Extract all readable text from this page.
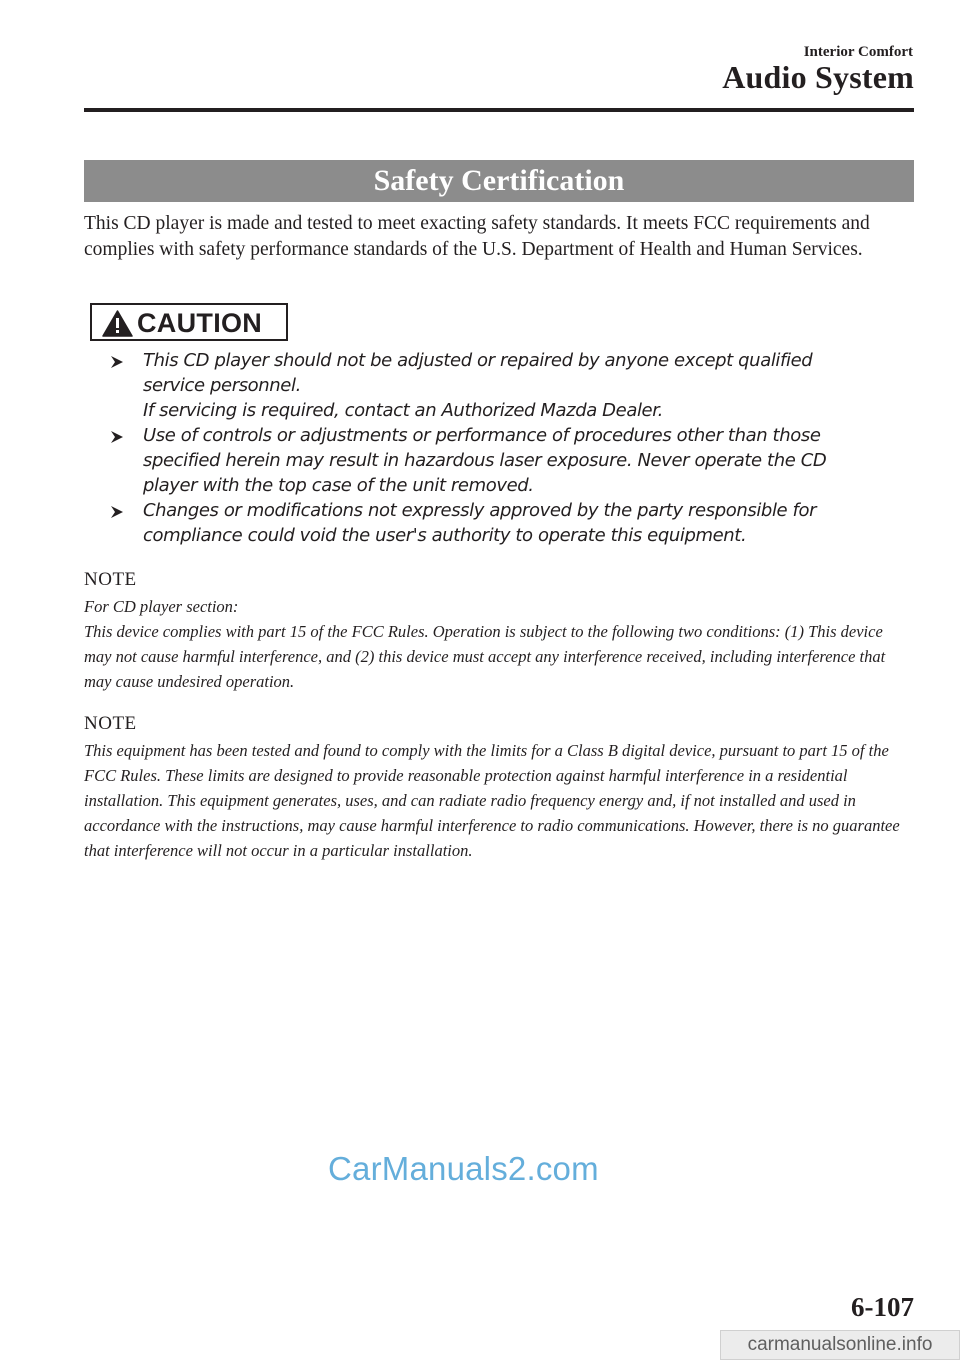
Interior Comfort
Audio System
Safety Certification

This CD player is made and tested to meet exacting safety standards. It meets FCC requirements and complies with safety performance standards of the U.S. Department of Health and Human Services.

CAUTION
This CD player should not be adjusted or repaired by anyone except qualified
service personnel.
If servicing is required, contact an Authorized Mazda Dealer.
Use of controls or adjustments or performance of procedures other than those
specified herein may result in hazardous laser exposure. Never operate the CD
player with the top case of the unit removed.
Changes or modifications not expressly approved by the party responsible for
compliance could void the user's authority to operate this equipment.
NOTE

For CD player section:

This device complies with part 15 of the FCC Rules. Operation is subject to the following two conditions: (1) This device may not cause harmful interference, and (2) this device must accept any interference received, including interference that may cause undesired operation.

NOTE

This equipment has been tested and found to comply with the limits for a Class B digital device, pursuant to part 15 of the FCC Rules. These limits are designed to provide reasonable protection against harmful interference in a residential installation. This equipment generates, uses, and can radiate radio frequency energy and, if not installed and used in accordance with the instructions, may cause harmful interference to radio communications. However, there is no guarantee that interference will not occur in a particular installation.

CarManuals2.com
6-107
carmanualsonline.info
